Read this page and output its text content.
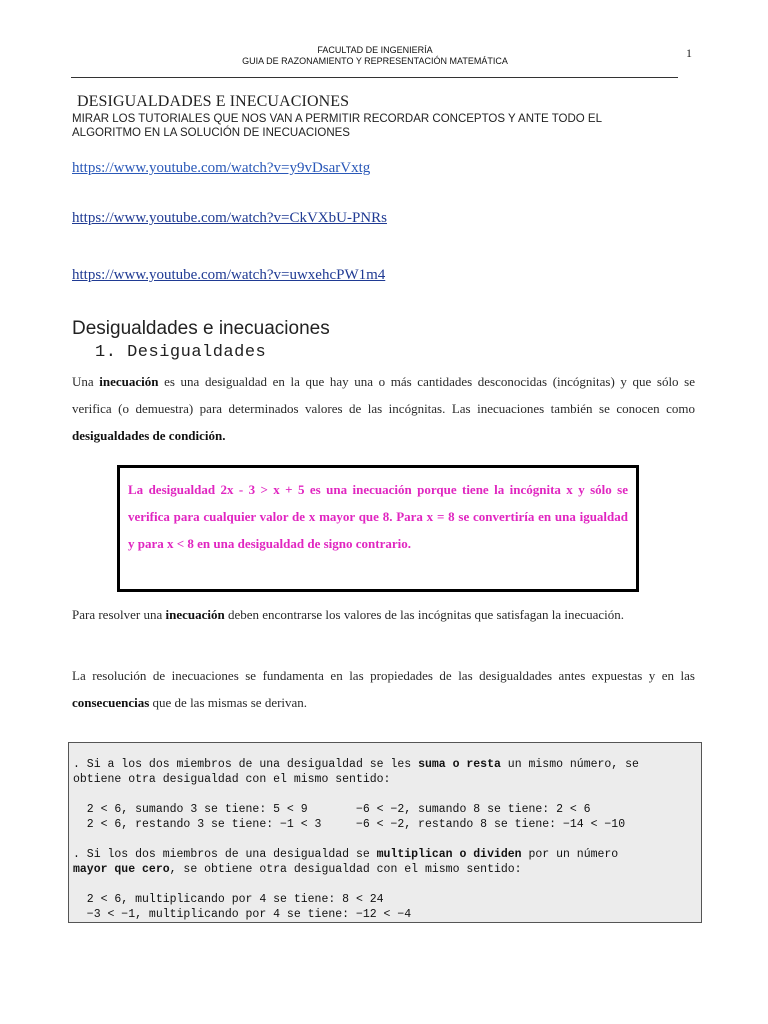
FACULTAD DE INGENIERÍA
GUIA DE RAZONAMIENTO Y REPRESENTACIÓN MATEMÁTICA
1
DESIGUALDADES E INECUACIONES
MIRAR LOS TUTORIALES QUE NOS VAN A PERMITIR RECORDAR CONCEPTOS Y ANTE TODO EL
ALGORITMO EN LA SOLUCIÓN DE INECUACIONES
https://www.youtube.com/watch?v=y9vDsarVxtg
https://www.youtube.com/watch?v=CkVXbU-PNRs
https://www.youtube.com/watch?v=uwxehcPW1m4
Desigualdades e inecuaciones
1. Desigualdades
Una inecuación es una desigualdad en la que hay una o más cantidades desconocidas (incógnitas) y que sólo se verifica (o demuestra) para determinados valores de las incógnitas. Las inecuaciones también se conocen como desigualdades de condición.
La desigualdad 2x - 3 > x + 5 es una inecuación porque tiene la incógnita x y sólo se verifica para cualquier valor de x mayor que 8. Para x = 8 se convertiría en una igualdad y para x < 8 en una desigualdad de signo contrario.
Para resolver una inecuación deben encontrarse los valores de las incógnitas que satisfagan la inecuación.
La resolución de inecuaciones se fundamenta en las propiedades de las desigualdades antes expuestas y en las consecuencias que de las mismas se derivan.
. Si a los dos miembros de una desigualdad se les suma o resta un mismo número, se
obtiene otra desigualdad con el mismo sentido:

2 < 6, sumando 3 se tiene: 5 < 9       −6 < −2, sumando 8 se tiene: 2 < 6
2 < 6, restando 3 se tiene: −1 < 3     −6 < −2, restando 8 se tiene: −14 < −10

. Si los dos miembros de una desigualdad se multiplican o dividen por un número
mayor que cero, se obtiene otra desigualdad con el mismo sentido:

2 < 6, multiplicando por 4 se tiene: 8 < 24
−3 < −1, multiplicando por 4 se tiene: −12 < −4
